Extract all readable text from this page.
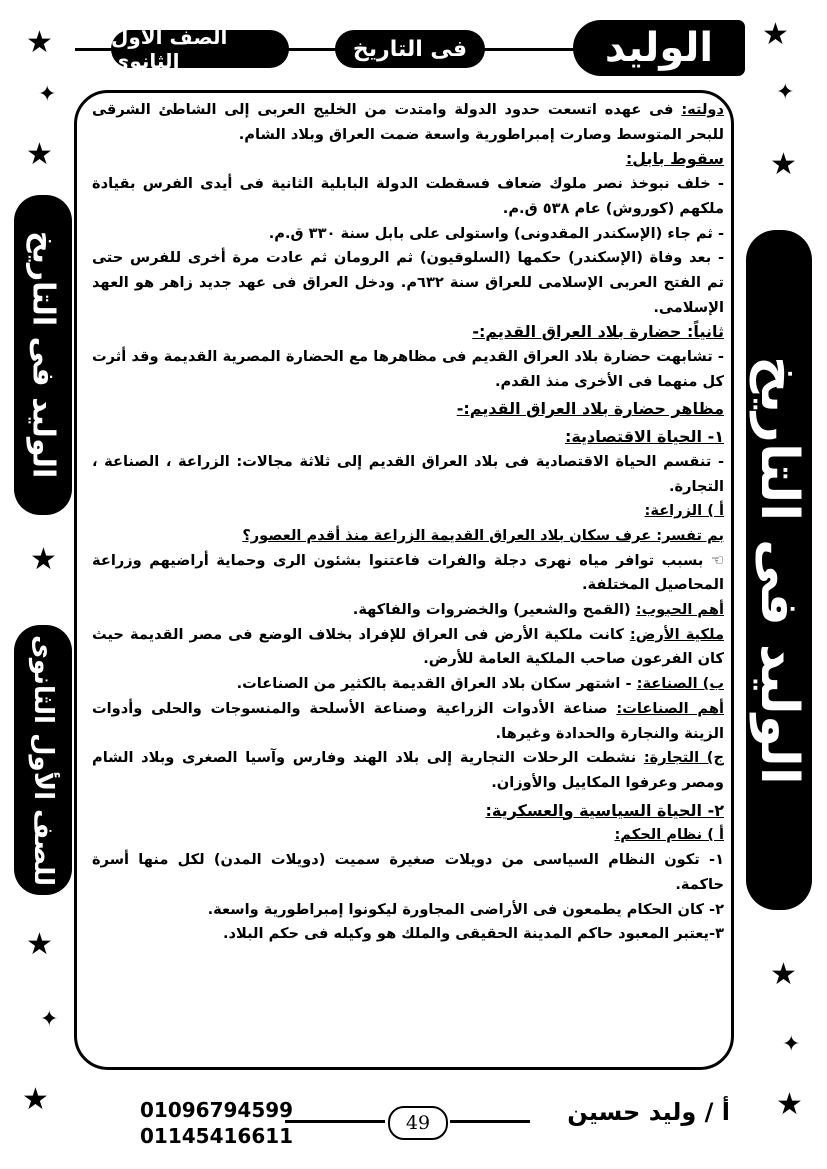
الصف الأول الثانوى	فى التاريخ	الوليد
★
✦
★
✦
★	★
★
★
✦
★
✦
★	★
الوليد فى التاريخ
للصف الأول الثانوى	الوليد فى التاريخ

دولته: فى عهده اتسعت حدود الدولة وامتدت من الخليج العربى إلى الشاطئ الشرقى للبحر المتوسط وصارت إمبراطورية واسعة ضمت العراق وبلاد الشام.

سقوط بابل:

- خلف نبوخذ نصر ملوك ضعاف فسقطت الدولة البابلية الثانية فى أيدى الفرس بقيادة ملكهم (كوروش) عام ٥٣٨ ق.م.

- ثم جاء (الإسكندر المقدونى) واستولى على بابل سنة ٣٣٠ ق.م.

- بعد وفاة (الإسكندر) حكمها (السلوقيون) ثم الرومان ثم عادت مرة أخرى للفرس حتى تم الفتح العربى الإسلامى للعراق سنة ٦٣٢م. ودخل العراق فى عهد جديد زاهر هو العهد الإسلامى.

ثانياً: حضارة بلاد العراق القديم:-

- تشابهت حضارة بلاد العراق القديم فى مظاهرها مع الحضارة المصرية القديمة وقد أثرت كل منهما فى الأخرى منذ القدم.

مظاهر حضارة بلاد العراق القديم:-

١- الحياة الاقتصادية:

- تنقسم الحياة الاقتصادية فى بلاد العراق القديم إلى ثلاثة مجالات: الزراعة ، الصناعة ، التجارة.

أ ) الزراعة:

بم تفسر: عرف سكان بلاد العراق القديمة الزراعة منذ أقدم العصور؟

☜ بسبب توافر مياه نهرى دجلة والفرات فاعتنوا بشئون الرى وحماية أراضيهم وزراعة المحاصيل المختلفة.

أهم الحبوب: (القمح والشعير) والخضروات والفاكهة.

ملكية الأرض: كانت ملكية الأرض فى العراق للإفراد بخلاف الوضع فى مصر القديمة حيث كان الفرعون صاحب الملكية العامة للأرض.

ب) الصناعة: - اشتهر سكان بلاد العراق القديمة بالكثير من الصناعات.

أهم الصناعات: صناعة الأدوات الزراعية وصناعة الأسلحة والمنسوجات والحلى وأدوات الزينة والنجارة والحدادة وغيرها.

ج) التجارة: نشطت الرحلات التجارية إلى بلاد الهند وفارس وآسيا الصغرى وبلاد الشام ومصر وعرفوا المكاييل والأوزان.

٢- الحياة السياسية والعسكرية:

أ ) نظام الحكم:

١- تكون النظام السياسى من دويلات صغيرة سميت (دويلات المدن) لكل منها أسرة حاكمة.

٢- كان الحكام يطمعون فى الأراضى المجاورة ليكونوا إمبراطورية واسعة.

٣-يعتبر المعبود حاكم المدينة الحقيقى والملك هو وكيله فى حكم البلاد.

01096794599
01145416611
49	أ / وليد حسين
